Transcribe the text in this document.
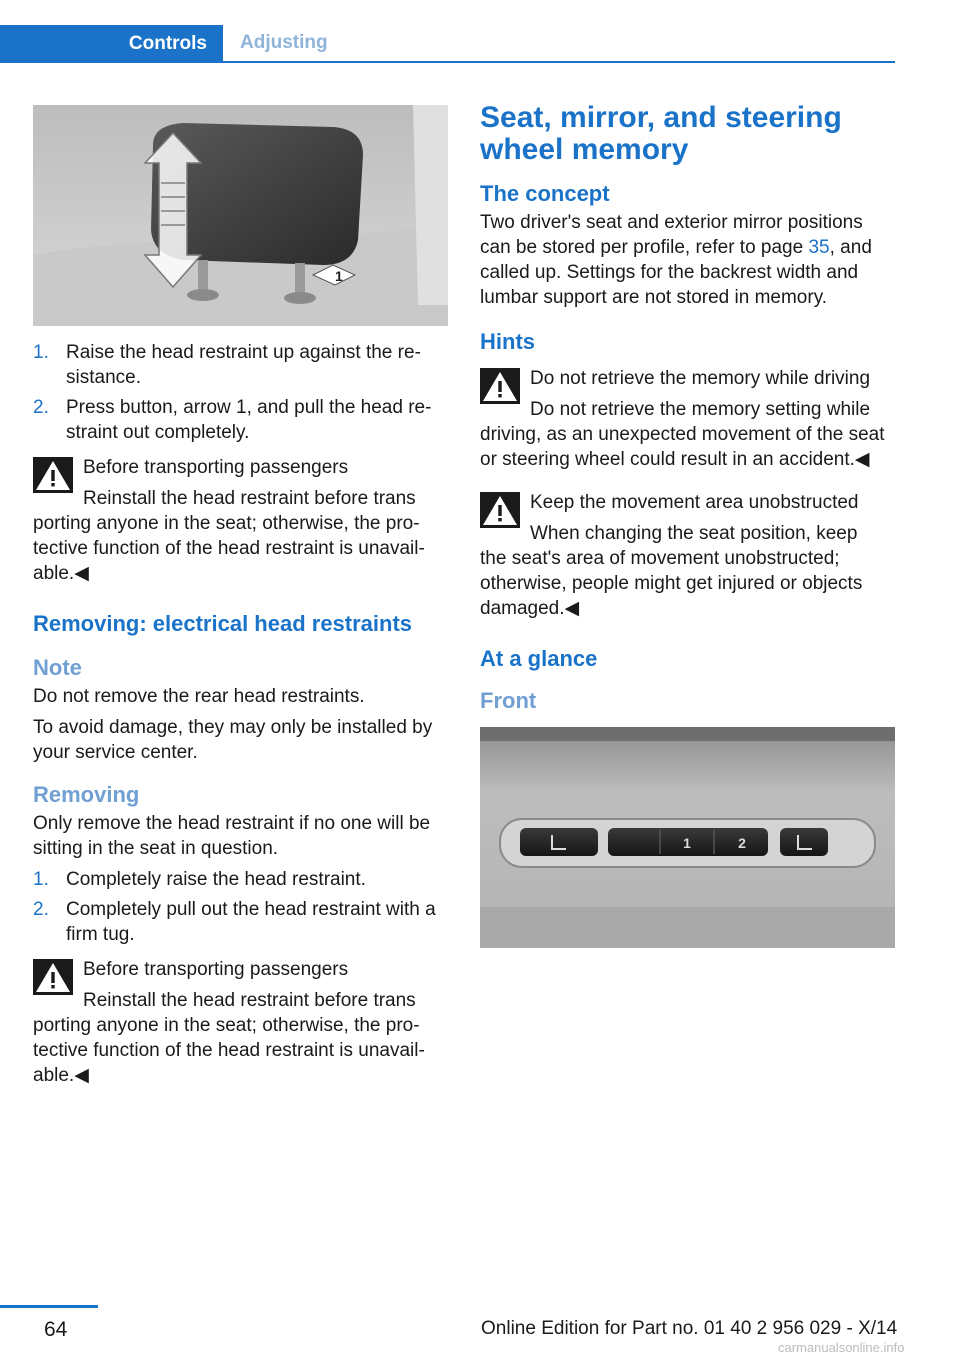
Controls	Adjusting
1
1. Raise the head restraint up against the resistance.
2. Press button, arrow 1, and pull the head restraint out completely.
Before transporting passengers
Reinstall the head restraint before trans
porting anyone in the seat; otherwise, the protective function of the head restraint is unavailable.◀
Removing: electrical head restraints
Note

Do not remove the rear head restraints.

To avoid damage, they may only be installed by your service center.

Removing

Only remove the head restraint if no one will be sitting in the seat in question.

1. Completely raise the head restraint.
2. Completely pull out the head restraint with a firm tug.
Before transporting passengers
Reinstall the head restraint before trans
porting anyone in the seat; otherwise, the protective function of the head restraint is unavailable.◀
Seat, mirror, and steering wheel memory
The concept

Two driver's seat and exterior mirror positions can be stored per profile, refer to page 35, and called up. Settings for the backrest width and lumbar support are not stored in memory.

Hints
Do not retrieve the memory while driving
Do not retrieve the memory setting while
driving, as an unexpected movement of the seat or steering wheel could result in an accident.◀
Keep the movement area unobstructed
When changing the seat position, keep
the seat's area of movement unobstructed; otherwise, people might get injured or objects damaged.◀
At a glance
Front
1	2
64	Online Edition for Part no. 01 40 2 956 029 - X/14
carmanualsonline.info
